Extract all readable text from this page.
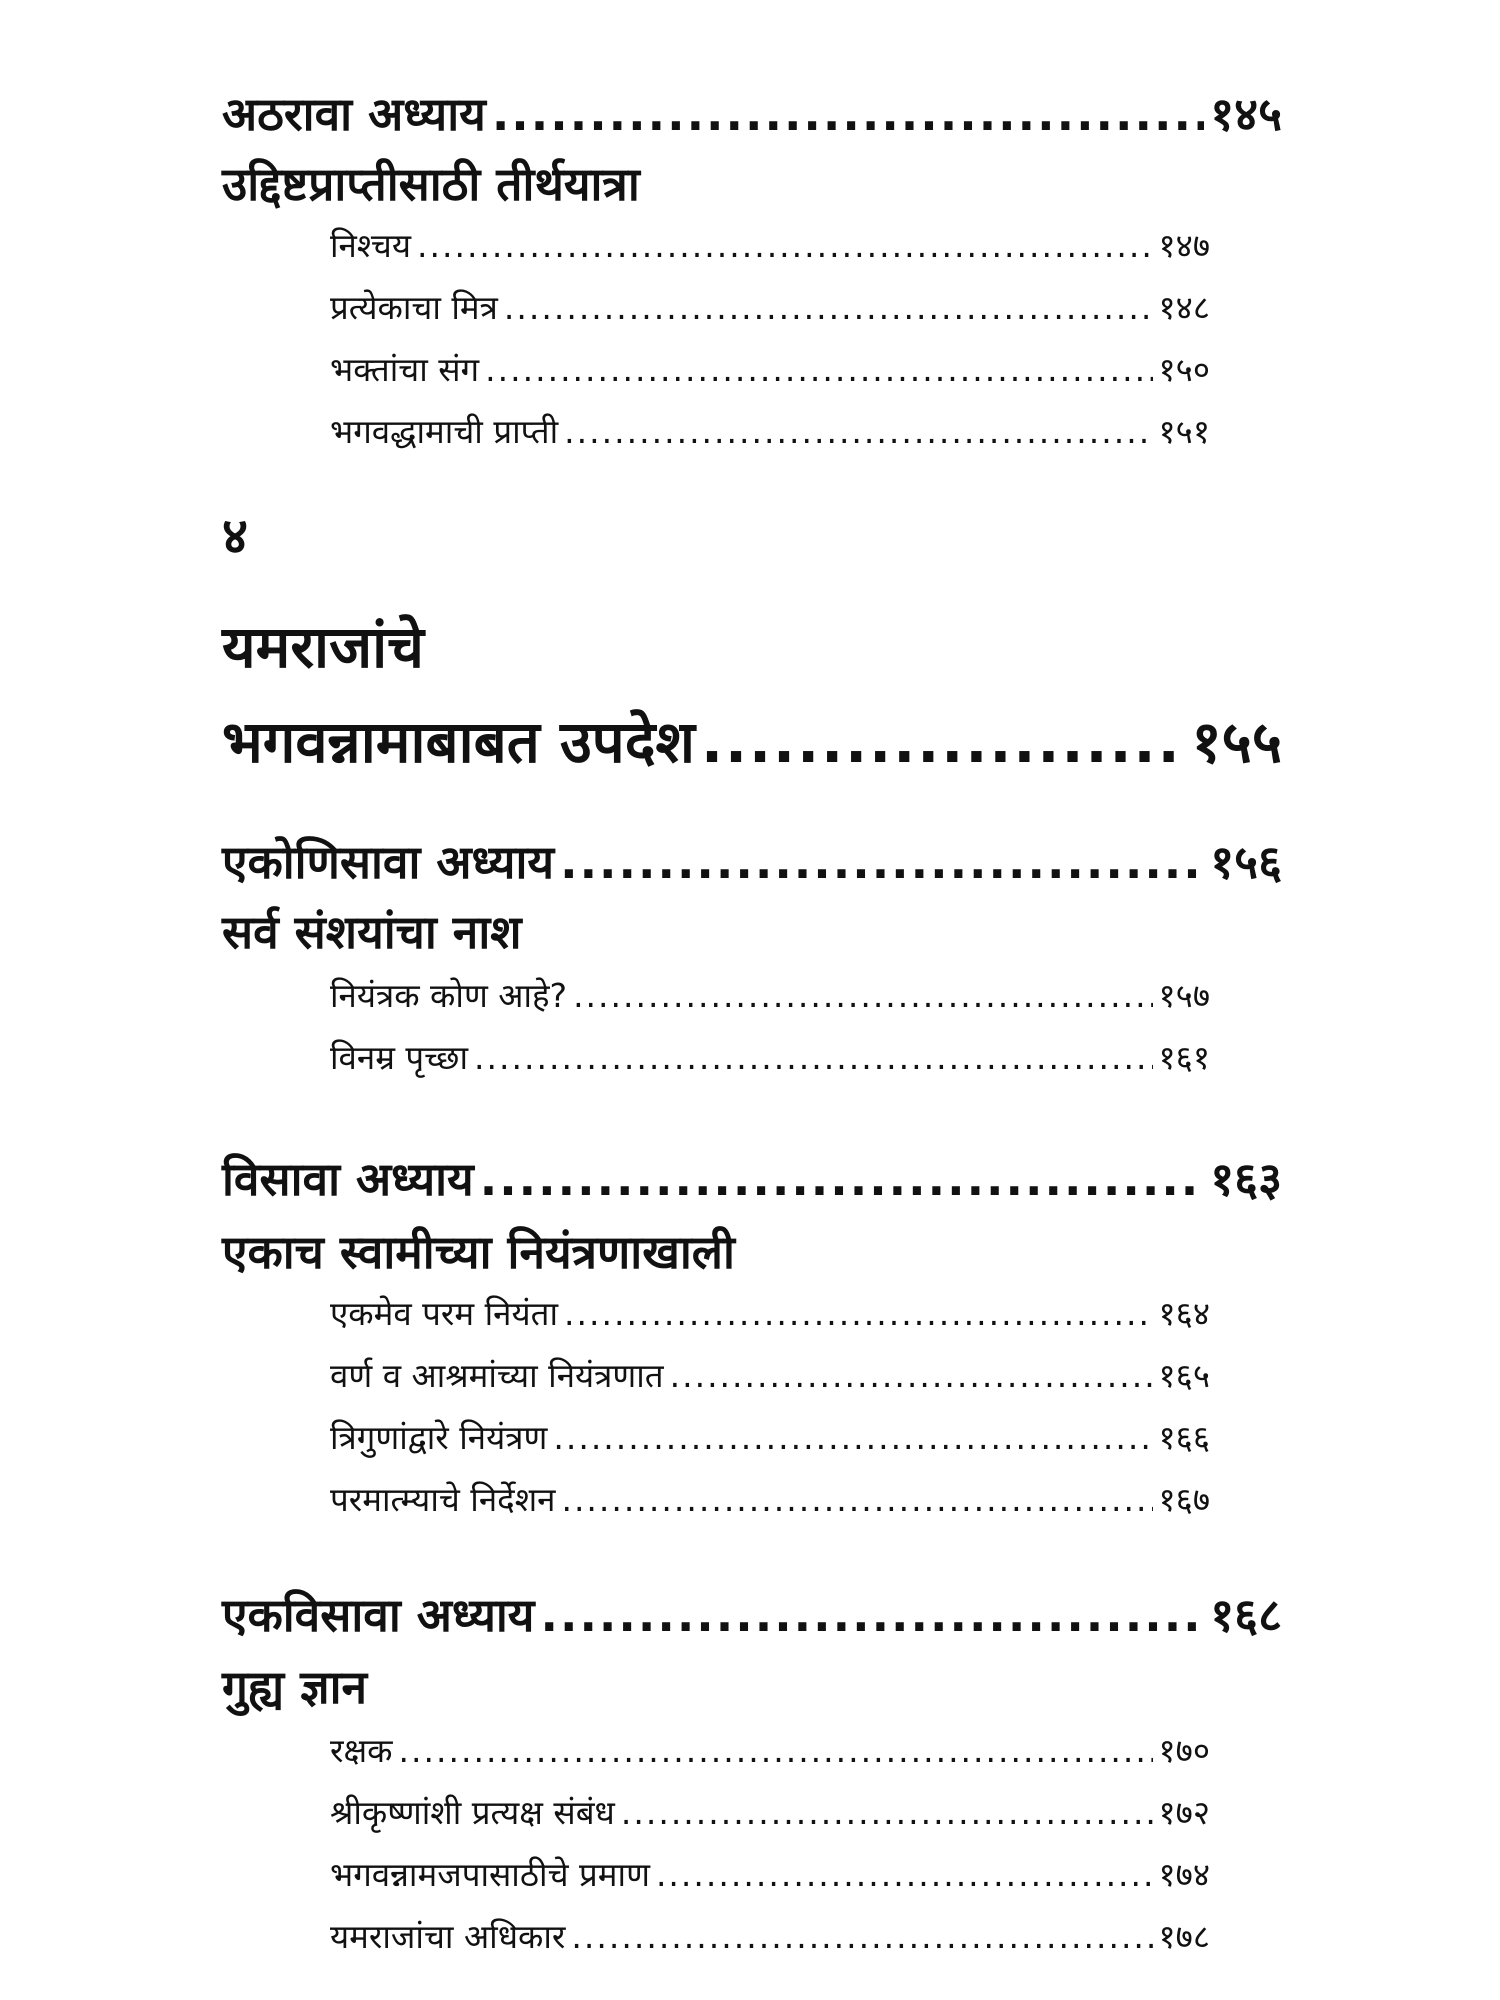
अठरावा अध्याय .....	१४५
उद्दिष्टप्राप्तीसाठी तीर्थयात्रा
निश्चय .....	१४७
प्रत्येकाचा मित्र .....	१४८
भक्तांचा संग .....	१५०
भगवद्धामाची प्राप्ती .....	१५१
४
यमराजांचे
भगवन्नामाबाबत उपदेश .....	१५५
एकोणिसावा अध्याय .....	१५६
सर्व संशयांचा नाश
नियंत्रक कोण आहे? .....	१५७
विनम्र पृच्छा .....	१६१
विसावा अध्याय .....	१६३
एकाच स्वामीच्या नियंत्रणाखाली
एकमेव परम नियंता .....	१६४
वर्ण व आश्रमांच्या नियंत्रणात .....	१६५
त्रिगुणांद्वारे नियंत्रण .....	१६६
परमात्म्याचे निर्देशन .....	१६७
एकविसावा अध्याय .....	१६८
गुह्य ज्ञान
रक्षक .....	१७०
श्रीकृष्णांशी प्रत्यक्ष संबंध .....	१७२
भगवन्नामजपासाठीचे प्रमाण .....	१७४
यमराजांचा अधिकार .....	१७८
